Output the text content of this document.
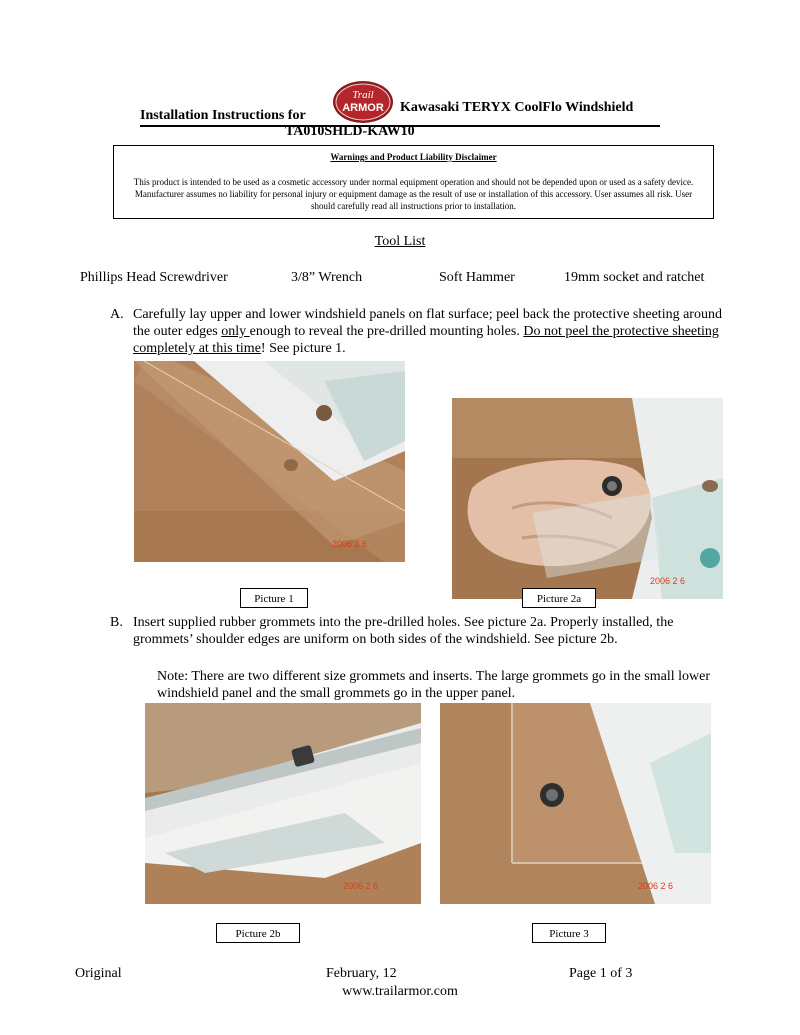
Trail
ARMOR
Installation Instructions for
Kawasaki TERYX CoolFlo Windshield
TA010SHLD-KAW10
Warnings and Product Liability Disclaimer
This product is intended to be used as a cosmetic accessory under normal equipment operation and should not be depended upon or used as a safety device. Manufacturer assumes no liability for personal injury or equipment damage as the result of use or installation of this accessory. User assumes all risk. User should carefully read all instructions prior to installation.
Tool List
Phillips Head Screwdriver	3/8” Wrench	Soft Hammer	19mm socket and ratchet
A. Carefully lay upper and lower windshield panels on flat surface; peel back the protective sheeting around the outer edges only enough to reveal the pre-drilled mounting holes. Do not peel the protective sheeting completely at this time! See picture 1.
2006 2 6
2006 2 6
Picture 1	Picture 2a
B. Insert supplied rubber grommets into the pre-drilled holes. See picture 2a. Properly installed, the grommets’ shoulder edges are uniform on both sides of the windshield. See picture 2b.
Note: There are two different size grommets and inserts. The large grommets go in the small lower windshield panel and the small grommets go in the upper panel.
2006 2 6	2006 2 6
Picture 2b	Picture 3
Original	February, 12	Page 1 of 3
www.trailarmor.com
